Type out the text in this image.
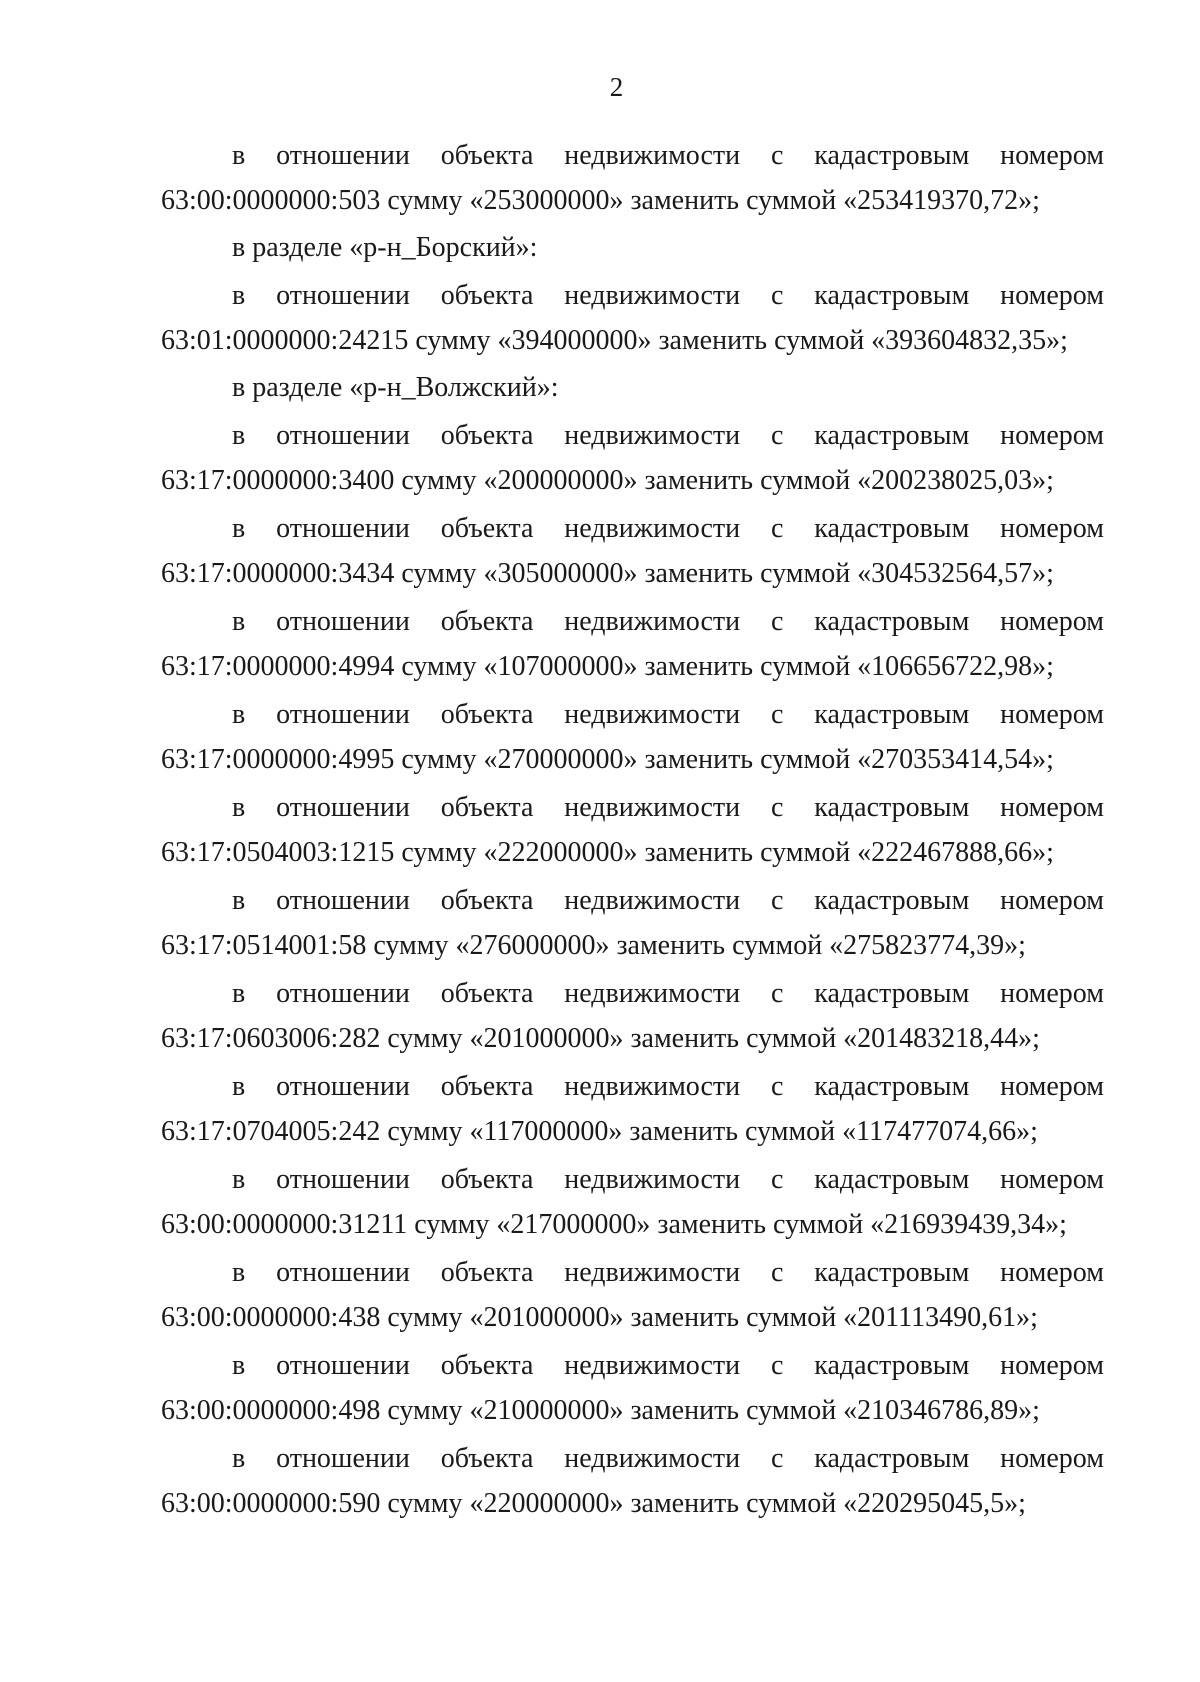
2
в отношении объекта недвижимости с кадастровым номером
63:00:0000000:503 сумму «253000000» заменить суммой «253419370,72»;
в разделе «р-н_Борский»:
в отношении объекта недвижимости с кадастровым номером
63:01:0000000:24215 сумму «394000000» заменить суммой «393604832,35»;
в разделе «р-н_Волжский»:
в отношении объекта недвижимости с кадастровым номером
63:17:0000000:3400 сумму «200000000» заменить суммой «200238025,03»;
в отношении объекта недвижимости с кадастровым номером
63:17:0000000:3434 сумму «305000000» заменить суммой «304532564,57»;
в отношении объекта недвижимости с кадастровым номером
63:17:0000000:4994 сумму «107000000» заменить суммой «106656722,98»;
в отношении объекта недвижимости с кадастровым номером
63:17:0000000:4995 сумму «270000000» заменить суммой «270353414,54»;
в отношении объекта недвижимости с кадастровым номером
63:17:0504003:1215 сумму «222000000» заменить суммой «222467888,66»;
в отношении объекта недвижимости с кадастровым номером
63:17:0514001:58 сумму «276000000» заменить суммой «275823774,39»;
в отношении объекта недвижимости с кадастровым номером
63:17:0603006:282 сумму «201000000» заменить суммой «201483218,44»;
в отношении объекта недвижимости с кадастровым номером
63:17:0704005:242 сумму «117000000» заменить суммой «117477074,66»;
в отношении объекта недвижимости с кадастровым номером
63:00:0000000:31211 сумму «217000000» заменить суммой «216939439,34»;
в отношении объекта недвижимости с кадастровым номером
63:00:0000000:438 сумму «201000000» заменить суммой «201113490,61»;
в отношении объекта недвижимости с кадастровым номером
63:00:0000000:498 сумму «210000000» заменить суммой «210346786,89»;
в отношении объекта недвижимости с кадастровым номером
63:00:0000000:590 сумму «220000000» заменить суммой «220295045,5»;
